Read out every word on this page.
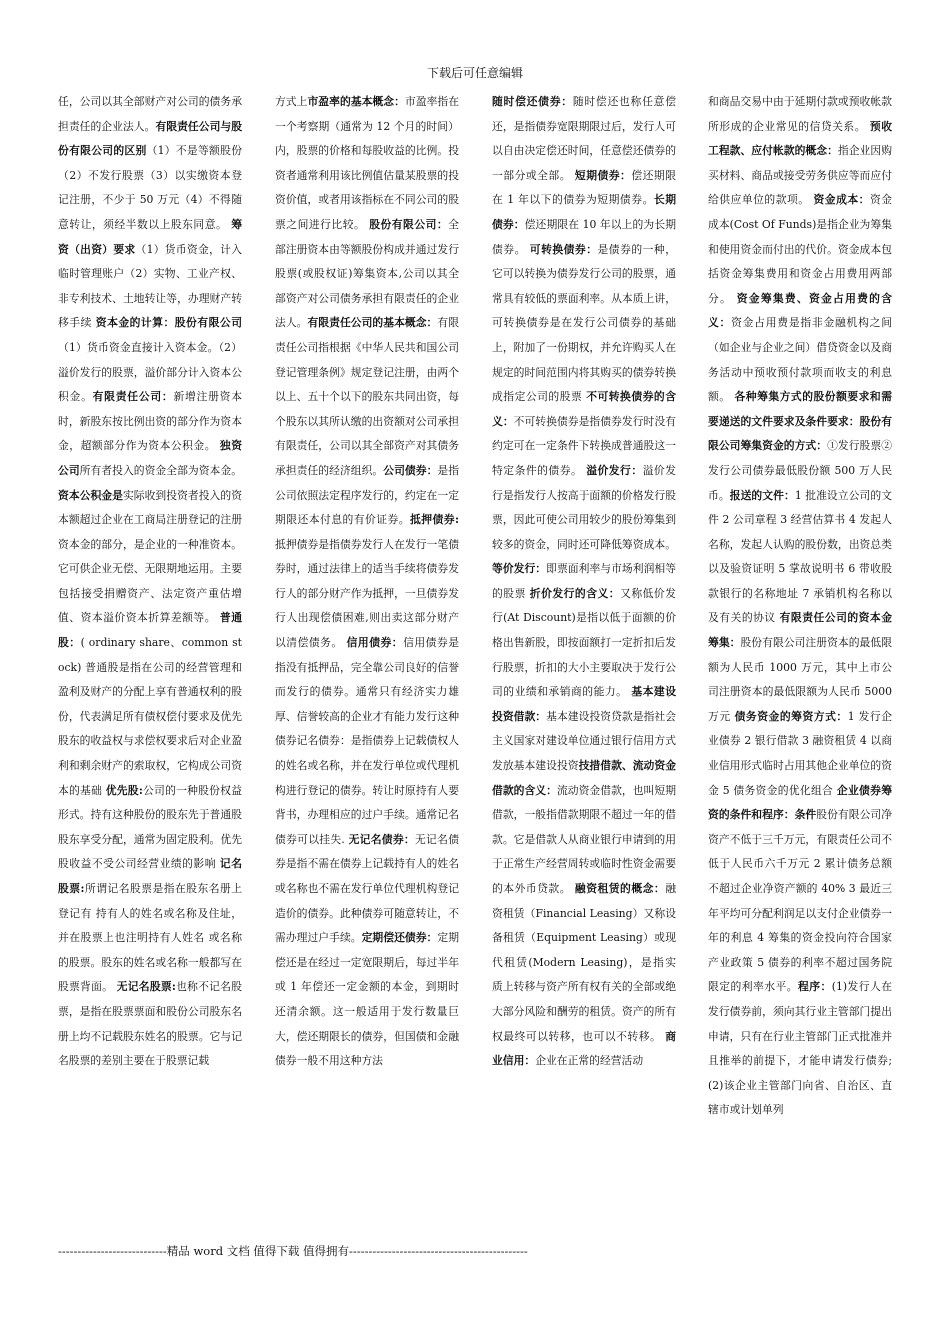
下载后可任意编辑
任，公司以其全部财产对公司的债务承担责任的企业法人。有限责任公司与股份有限公司的区别（1）不是等额股份（2）不发行股票（3）以实缴资本登记注册，不少于 50 万元（4）不得随意转让，须经半数以上股东同意。 筹资（出资）要求（1）货币资金，计入临时管理账户（2）实物、工业产权、非专利技术、土地转让等，办理财产转移手续 资本金的计算：股份有限公司（1）货币资金直接计入资本金。（2）溢价发行的股票，溢价部分计入资本公积金。有限责任公司：新增注册资本时，新股东按比例出资的部分作为资本金，超额部分作为资本公积金。 独资公司所有者投入的资金全部为资本金。 资本公积金是实际收到投资者投入的资本额超过企业在工商局注册登记的注册资本金的部分，是企业的一种准资本。它可供企业无偿、无限期地运用。主要包括接受捐赠资产、法定资产重估增值、资本溢价资本折算差额等。 普通股：( ordinary share、common stock) 普通股是指在公司的经营管理和盈利及财产的分配上享有普通权利的股份，代表满足所有债权偿付要求及优先股东的收益权与求偿权要求后对企业盈利和剩余财产的索取权，它构成公司资本的基础 优先股:公司的一种股份权益形式。持有这种股份的股东先于普通股股东享受分配，通常为固定股利。优先股收益不受公司经营业绩的影响 记名股票:所谓记名股票是指在股东名册上登记有 持有人的姓名或名称及住址，并在股票上也注明持有人姓名 或名称的股票。股东的姓名或名称一般都写在股票背面。 无记名股票:也称不记名股票，是指在股票票面和股份公司股东名册上均不记载股东姓名的股票。它与记名股票的差别主要在于股票记载
方式上市盈率的基本概念：市盈率指在一个考察期（通常为 12 个月的时间）内，股票的价格和每股收益的比例。投资者通常利用该比例值估量某股票的投资价值，或者用该指标在不同公司的股票之间进行比较。 股份有限公司：全部注册资本由等额股份构成并通过发行股票(或股权证)筹集资本,公司以其全部资产对公司债务承担有限责任的企业法人。有限责任公司的基本概念：有限责任公司指根据《中华人民共和国公司登记管理条例》规定登记注册，由两个以上、五十个以下的股东共同出资，每个股东以其所认缴的出资额对公司承担有限责任，公司以其全部资产对其债务承担责任的经济组织。公司债券：是指公司依照法定程序发行的，约定在一定期限还本付息的有价证券。抵押债券:抵押债券是指债券发行人在发行一笔债券时，通过法律上的适当手续将债券发行人的部分财产作为抵押，一旦债券发行人出现偿债困难,则出卖这部分财产以清偿债务。 信用债券：信用债券是指没有抵押品，完全靠公司良好的信誉而发行的债券。通常只有经济实力雄厚、信誉较高的企业才有能力发行这种债券记名债券：是指债券上记载债权人的姓名或名称，并在发行单位或代理机构进行登记的债券。转让时原持有人要背书，办理相应的过户手续。通常记名债券可以挂失. 无记名债券：无记名债券是指不需在债券上记载持有人的姓名或名称也不需在发行单位代理机构登记造价的债券。此种债券可随意转让，不需办理过户手续。定期偿还债券：定期偿还是在经过一定宽限期后，每过半年或 1 年偿还一定金额的本金，到期时还清余额。这一般适用于发行数量巨大，偿还期限长的债券，但国债和金融债券一般不用这种方法
随时偿还债券：随时偿还也称任意偿还，是指债券宽限期限过后，发行人可以自由决定偿还时间，任意偿还债券的一部分或全部。 短期债券：偿还期限在 1 年以下的债券为短期债券。长期债券：偿还期限在 10 年以上的为长期债券。 可转换债券：是债券的一种，它可以转换为债券发行公司的股票，通常具有较低的票面利率。从本质上讲，可转换债券是在发行公司债券的基础上，附加了一份期权，并允许购买人在规定的时间范围内将其购买的债券转换成指定公司的股票 不可转换债券的含义：不可转换债券是指债券发行时没有约定可在一定条件下转换成普通股这一特定条件的债券。 溢价发行：溢价发行是指发行人按高于面额的价格发行股票，因此可使公司用较少的股份筹集到较多的资金，同时还可降低筹资成本。 等价发行：即票面利率与市场利润相等的股票 折价发行的含义：又称低价发行(At Discount)是指以低于面额的价格出售新股，即按面额打一定折扣后发行股票，折扣的大小主要取决于发行公司的业绩和承销商的能力。 基本建设投资借款：基本建设投资贷款是指社会主义国家对建设单位通过银行信用方式发放基本建设投资技措借款、流动资金借款的含义：流动资金借款，也叫短期借款，一般指借款期限不超过一年的借款。它是借款人从商业银行申请到的用于正常生产经营周转或临时性资金需要的本外币贷款。 融资租赁的概念：融资租赁（Financial Leasing）又称设备租赁（Equipment Leasing）或现代租赁(Modern Leasing)，是指实质上转移与资产所有权有关的全部或绝大部分风险和酬劳的租赁。资产的所有权最终可以转移，也可以不转移。 商业信用：企业在正常的经营活动
和商品交易中由于延期付款或预收帐款所形成的企业常见的信贷关系。 预收工程款、应付帐款的概念：指企业因购买材料、商品或接受劳务供应等而应付给供应单位的款项。 资金成本：资金成本(Cost Of Funds)是指企业为筹集和使用资金而付出的代价。资金成本包括资金筹集费用和资金占用费用两部分。 资金筹集费、资金占用费的含义：资金占用费是指非金融机构之间（如企业与企业之间）借贷资金以及商务活动中预收预付款项而收支的利息额。 各种筹集方式的股份额要求和需要递送的文件要求及条件要求：股份有限公司筹集资金的方式：①发行股票②发行公司债券最低股份额 500 万人民币。报送的文件：1 批准设立公司的文件 2 公司章程 3 经营估算书 4 发起人名称，发起人认购的股份数，出资总类以及验资证明 5 掌故说明书 6 带收股款银行的名称地址 7 承销机构名称以及有关的协议 有限责任公司的资本金筹集：股份有限公司注册资本的最低限额为人民币 1000 万元，其中上市公司注册资本的最低限额为人民币 5000 万元 债务资金的筹资方式：1 发行企业债券 2 银行借款 3 融资租赁 4 以商业信用形式临时占用其他企业单位的资金 5 债务资金的优化组合 企业债券筹资的条件和程序：条件股份有限公司净资产不低于三千万元，有限责任公司不低于人民币六千万元 2 累计债务总额不超过企业净资产额的 40% 3 最近三年平均可分配利润足以支付企业债券一年的利息 4 筹集的资金投向符合国家产业政策 5 债券的利率不超过国务院限定的利率水平。程序：(1)发行人在发行债券前，须向其行业主管部门提出申请，只有在行业主管部门正式批准并且推举的前提下，才能申请发行债券;(2)该企业主管部门向省、自治区、直辖市或计划单列
----------------------------精品 word 文档 值得下载 值得拥有----------------------------------------------
